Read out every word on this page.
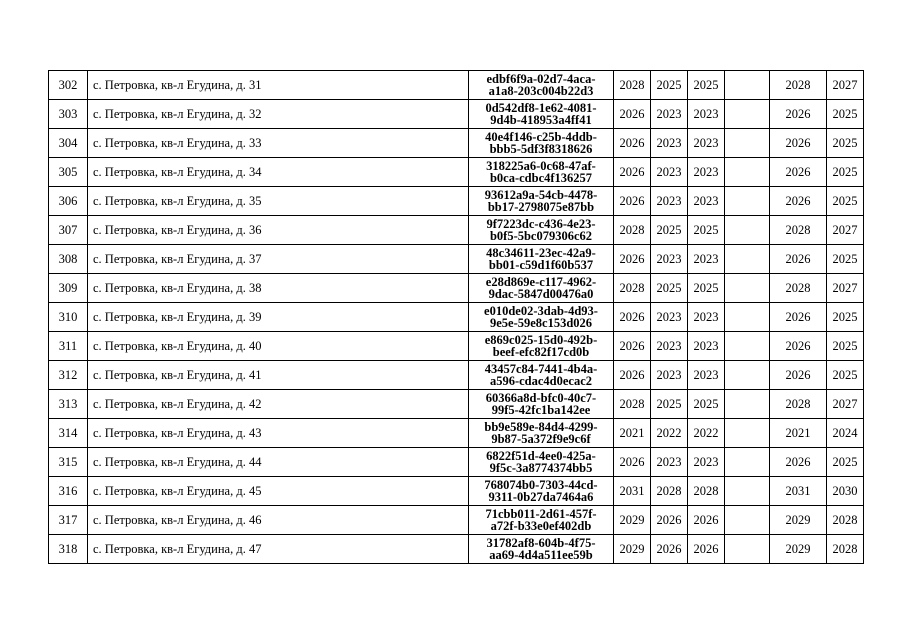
302	с. Петровка, кв-л Егудина, д. 31	edbf6f9a-02d7-4aca-
a1a8-203c004b22d3	2028	2025	2025		2028	2027
303	с. Петровка, кв-л Егудина, д. 32	0d542df8-1e62-4081-
9d4b-418953a4ff41	2026	2023	2023		2026	2025
304	с. Петровка, кв-л Егудина, д. 33	40e4f146-c25b-4ddb-
bbb5-5df3f8318626	2026	2023	2023		2026	2025
305	с. Петровка, кв-л Егудина, д. 34	318225a6-0c68-47af-
b0ca-cdbc4f136257	2026	2023	2023		2026	2025
306	с. Петровка, кв-л Егудина, д. 35	93612a9a-54cb-4478-
bb17-2798075e87bb	2026	2023	2023		2026	2025
307	с. Петровка, кв-л Егудина, д. 36	9f7223dc-c436-4e23-
b0f5-5bc079306c62	2028	2025	2025		2028	2027
308	с. Петровка, кв-л Егудина, д. 37	48c34611-23ec-42a9-
bb01-c59d1f60b537	2026	2023	2023		2026	2025
309	с. Петровка, кв-л Егудина, д. 38	e28d869e-c117-4962-
9dac-5847d00476a0	2028	2025	2025		2028	2027
310	с. Петровка, кв-л Егудина, д. 39	e010de02-3dab-4d93-
9e5e-59e8c153d026	2026	2023	2023		2026	2025
311	с. Петровка, кв-л Егудина, д. 40	e869c025-15d0-492b-
beef-efc82f17cd0b	2026	2023	2023		2026	2025
312	с. Петровка, кв-л Егудина, д. 41	43457c84-7441-4b4a-
a596-cdac4d0ecac2	2026	2023	2023		2026	2025
313	с. Петровка, кв-л Егудина, д. 42	60366a8d-bfc0-40c7-
99f5-42fc1ba142ee	2028	2025	2025		2028	2027
314	с. Петровка, кв-л Егудина, д. 43	bb9e589e-84d4-4299-
9b87-5a372f9e9c6f	2021	2022	2022		2021	2024
315	с. Петровка, кв-л Егудина, д. 44	6822f51d-4ee0-425a-
9f5c-3a8774374bb5	2026	2023	2023		2026	2025
316	с. Петровка, кв-л Егудина, д. 45	768074b0-7303-44cd-
9311-0b27da7464a6	2031	2028	2028		2031	2030
317	с. Петровка, кв-л Егудина, д. 46	71cbb011-2d61-457f-
a72f-b33e0ef402db	2029	2026	2026		2029	2028
318	с. Петровка, кв-л Егудина, д. 47	31782af8-604b-4f75-
aa69-4d4a511ee59b	2029	2026	2026		2029	2028
